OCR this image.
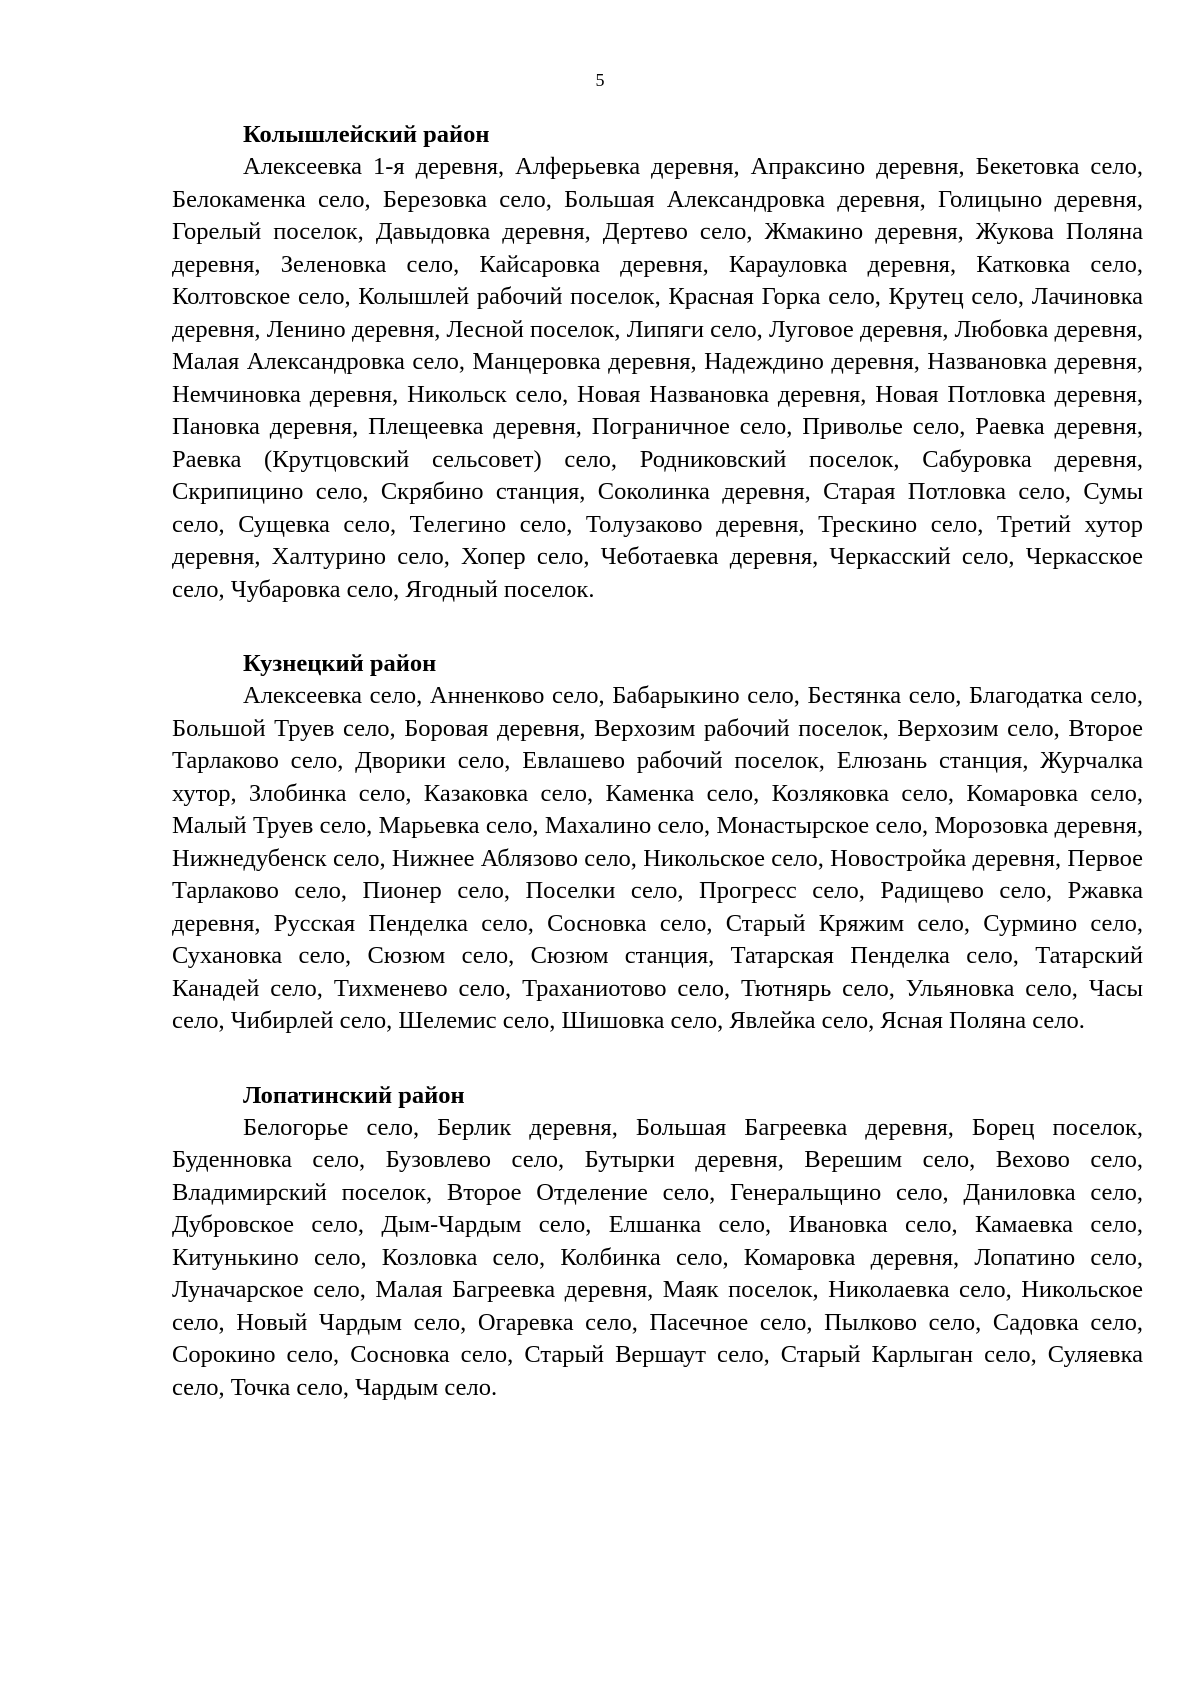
5
Колышлейский район

Алексеевка 1-я деревня, Алферьевка деревня, Апраксино деревня, Бекетовка село, Белокаменка село, Березовка село, Большая Александровка деревня, Голицыно деревня, Горелый поселок, Давыдовка деревня, Дертево село, Жмакино деревня, Жукова Поляна деревня, Зеленовка село, Кайсаровка деревня, Карауловка деревня, Катковка село, Колтовское село, Колышлей рабочий поселок, Красная Горка село, Крутец село, Лачиновка деревня, Ленино деревня, Лесной поселок, Липяги село, Луговое деревня, Любовка деревня, Малая Александровка село, Манцеровка деревня, Надеждино деревня, Названовка деревня, Немчиновка деревня, Никольск село, Новая Названовка деревня, Новая Потловка деревня, Пановка деревня, Плещеевка деревня, Пограничное село, Приволье село, Раевка деревня, Раевка (Крутцовский сельсовет) село, Родниковский поселок, Сабуровка деревня, Скрипицино село, Скрябино станция, Соколинка деревня, Старая Потловка село, Сумы село, Сущевка село, Телегино село, Толузаково деревня, Трескино село, Третий хутор деревня, Халтурино село, Хопер село, Чеботаевка деревня, Черкасский село, Черкасское село, Чубаровка село, Ягодный поселок.

Кузнецкий район

Алексеевка село, Анненково село, Бабарыкино село, Бестянка село, Благодатка село, Большой Труев село, Боровая деревня, Верхозим рабочий поселок, Верхозим село, Второе Тарлаково село, Дворики село, Евлашево рабочий поселок, Елюзань станция, Журчалка хутор, Злобинка село, Казаковка село, Каменка село, Козляковка село, Комаровка село, Малый Труев село, Марьевка село, Махалино село, Монастырское село, Морозовка деревня, Нижнедубенск село, Нижнее Аблязово село, Никольское село, Новостройка деревня, Первое Тарлаково село, Пионер село, Поселки село, Прогресс село, Радищево село, Ржавка деревня, Русская Пенделка село, Сосновка село, Старый Кряжим село, Сурмино село, Сухановка село, Сюзюм село, Сюзюм станция, Татарская Пенделка село, Татарский Канадей село, Тихменево село, Траханиотово село, Тютнярь село, Ульяновка село, Часы село, Чибирлей село, Шелемис село, Шишовка село, Явлейка село, Ясная Поляна село.

Лопатинский район

Белогорье село, Берлик деревня, Большая Багреевка деревня, Борец поселок, Буденновка село, Бузовлево село, Бутырки деревня, Верешим село, Вехово село, Владимирский поселок, Второе Отделение село, Генеральщино село, Даниловка село, Дубровское село, Дым-Чардым село, Елшанка село, Ивановка село, Камаевка село, Китунькино село, Козловка село, Колбинка село, Комаровка деревня, Лопатино село, Луначарское село, Малая Багреевка деревня, Маяк поселок, Николаевка село, Никольское село, Новый Чардым село, Огаревка село, Пасечное село, Пылково село, Садовка село, Сорокино село, Сосновка село, Старый Вершаут село, Старый Карлыган село, Суляевка село, Точка село, Чардым село.
